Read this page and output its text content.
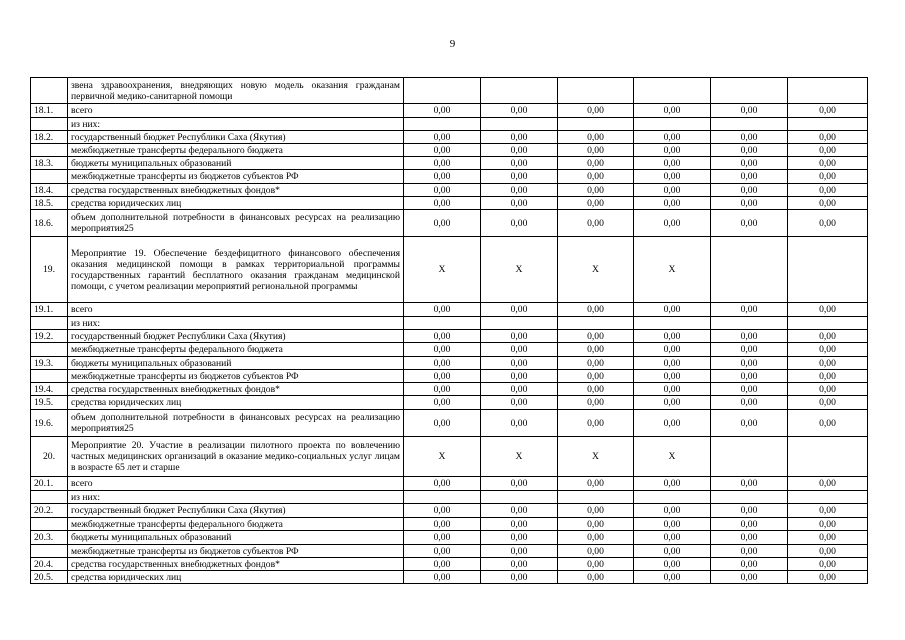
9
	звена здравоохранения, внедряющих новую модель оказания гражданам первичной медико-санитарной помощи						
18.1.	всего	0,00	0,00	0,00	0,00	0,00	0,00
	из них:						
18.2.	государственный бюджет Республики Саха (Якутия)	0,00	0,00	0,00	0,00	0,00	0,00
	межбюджетные трансферты федерального бюджета	0,00	0,00	0,00	0,00	0,00	0,00
18.3.	бюджеты муниципальных образований	0,00	0,00	0,00	0,00	0,00	0,00
	межбюджетные трансферты из бюджетов субъектов РФ	0,00	0,00	0,00	0,00	0,00	0,00
18.4.	средства государственных внебюджетных фондов*	0,00	0,00	0,00	0,00	0,00	0,00
18.5.	средства юридических лиц	0,00	0,00	0,00	0,00	0,00	0,00
18.6.	объем дополнительной потребности в финансовых ресурсах на реализацию мероприятия25	0,00	0,00	0,00	0,00	0,00	0,00
19.	Мероприятие 19. Обеспечение бездефицитного финансового обеспечения оказания медицинской помощи в рамках территориальной программы государственных гарантий бесплатного оказания гражданам медицинской помощи, с учетом реализации мероприятий региональной программы	X	X	X	X		
19.1.	всего	0,00	0,00	0,00	0,00	0,00	0,00
	из них:						
19.2.	государственный бюджет Республики Саха (Якутия)	0,00	0,00	0,00	0,00	0,00	0,00
	межбюджетные трансферты федерального бюджета	0,00	0,00	0,00	0,00	0,00	0,00
19.3.	бюджеты муниципальных образований	0,00	0,00	0,00	0,00	0,00	0,00
	межбюджетные трансферты из бюджетов субъектов РФ	0,00	0,00	0,00	0,00	0,00	0,00
19.4.	средства государственных внебюджетных фондов*	0,00	0,00	0,00	0,00	0,00	0,00
19.5.	средства юридических лиц	0,00	0,00	0,00	0,00	0,00	0,00
19.6.	объем дополнительной потребности в финансовых ресурсах на реализацию мероприятия25	0,00	0,00	0,00	0,00	0,00	0,00
20.	Мероприятие 20. Участие в реализации пилотного проекта по вовлечению частных медицинских организаций в оказание медико-социальных услуг лицам в возрасте 65 лет и старше	X	X	X	X		
20.1.	всего	0,00	0,00	0,00	0,00	0,00	0,00
	из них:						
20.2.	государственный бюджет Республики Саха (Якутия)	0,00	0,00	0,00	0,00	0,00	0,00
	межбюджетные трансферты федерального бюджета	0,00	0,00	0,00	0,00	0,00	0,00
20.3.	бюджеты муниципальных образований	0,00	0,00	0,00	0,00	0,00	0,00
	межбюджетные трансферты из бюджетов субъектов РФ	0,00	0,00	0,00	0,00	0,00	0,00
20.4.	средства государственных внебюджетных фондов*	0,00	0,00	0,00	0,00	0,00	0,00
20.5.	средства юридических лиц	0,00	0,00	0,00	0,00	0,00	0,00
